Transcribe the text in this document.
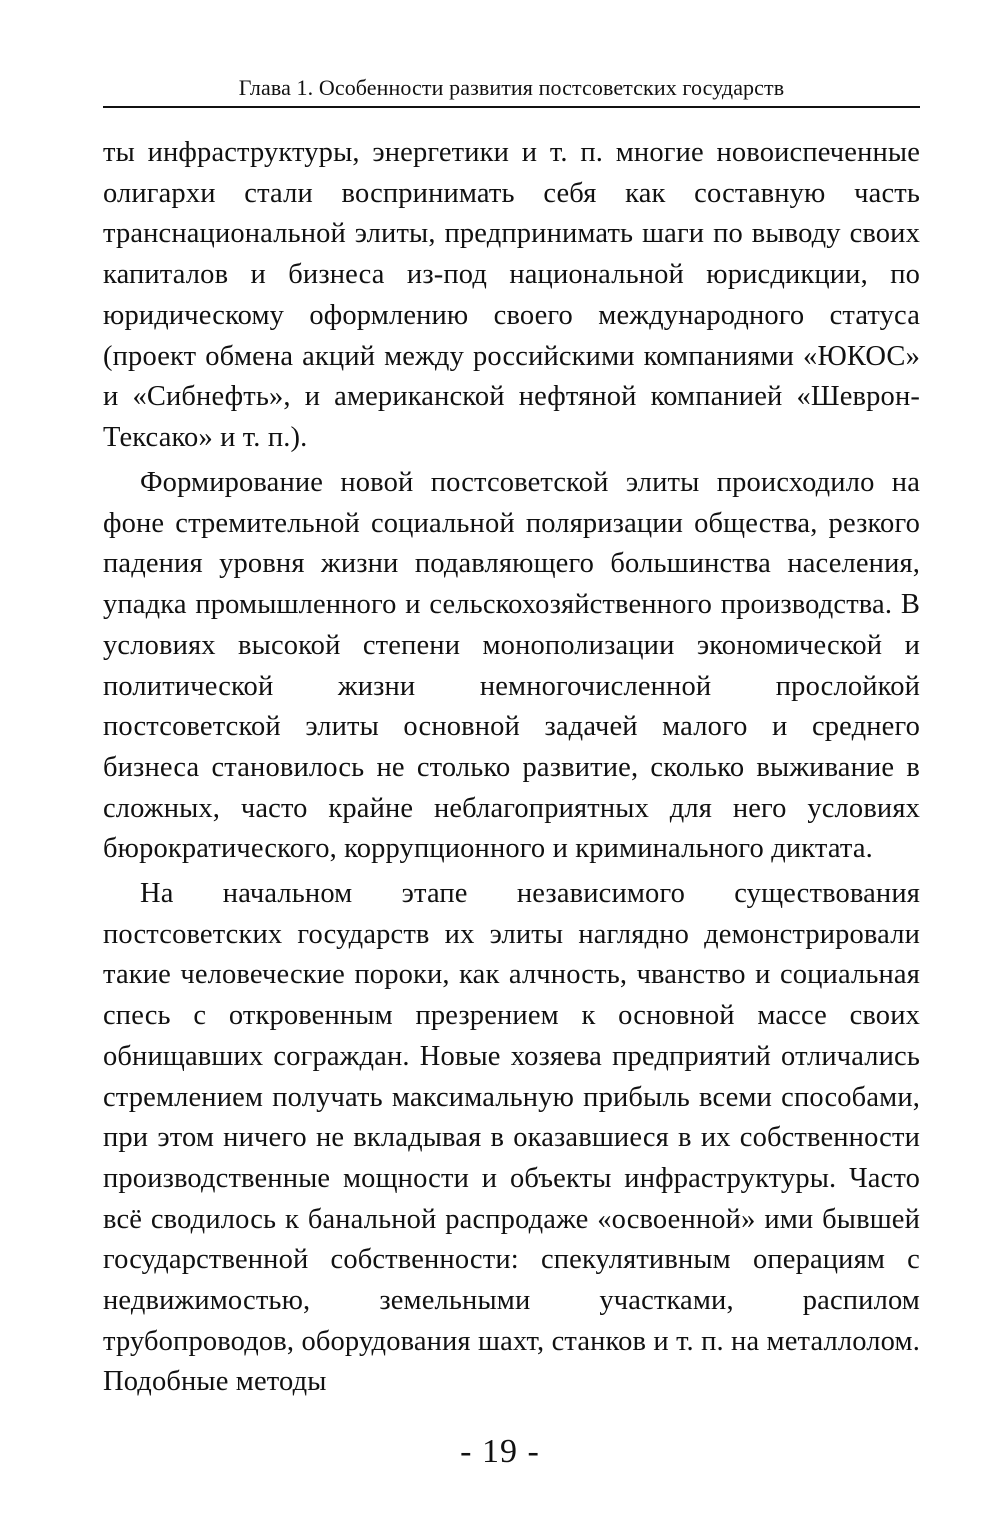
Глава 1. Особенности развития постсоветских государств

ты инфраструктуры, энергетики и т. п. многие новоиспеченные олигархи стали воспринимать себя как составную часть транснациональной элиты, предпринимать шаги по выводу своих капиталов и бизнеса из-под национальной юрисдикции, по юридическому оформлению своего международного статуса (проект обмена акций между российскими компаниями «ЮКОС» и «Сибнефть», и американской нефтяной компанией «Шеврон-Тексако» и т. п.).

Формирование новой постсоветской элиты происходило на фоне стремительной социальной поляризации общества, резкого падения уровня жизни подавляющего большинства населения, упадка промышленного и сельскохозяйственного производства. В условиях высокой степени монополизации экономической и политической жизни немногочисленной прослойкой постсоветской элиты основной задачей малого и среднего бизнеса становилось не столько развитие, сколько выживание в сложных, часто крайне неблагоприятных для него условиях бюрократического, коррупционного и криминального диктата.

На начальном этапе независимого существования постсоветских государств их элиты наглядно демонстрировали такие человеческие пороки, как алчность, чванство и социальная спесь с откровенным презрением к основной массе своих обнищавших сограждан. Новые хозяева предприятий отличались стремлением получать максимальную прибыль всеми способами, при этом ничего не вкладывая в оказавшиеся в их собственности производственные мощности и объекты инфраструктуры. Часто всё сводилось к банальной распродаже «освоенной» ими бывшей государственной собственности: спекулятивным операциям с недвижимостью, земельными участками, распилом трубопроводов, оборудования шахт, станков и т. п. на металлолом. Подобные методы

- 19 -
